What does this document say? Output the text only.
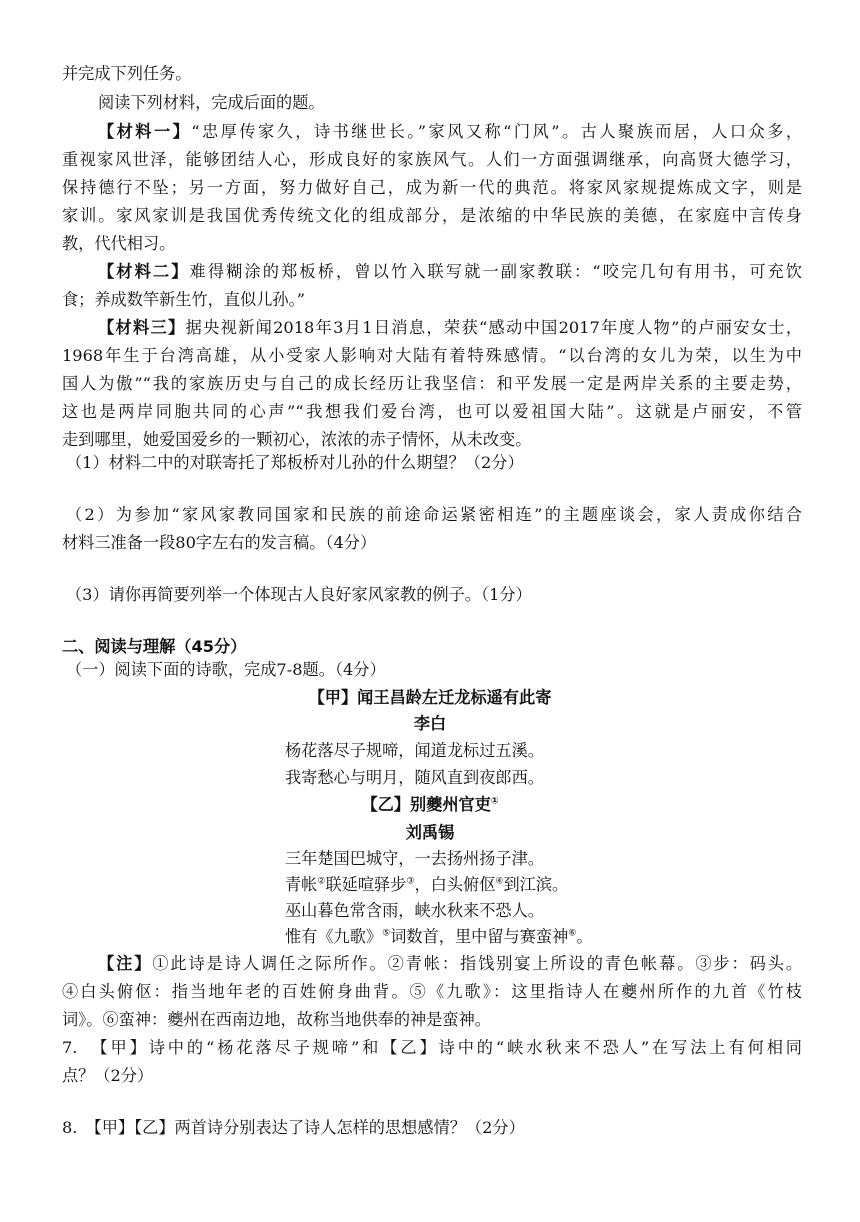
并完成下列任务。
阅读下列材料，完成后面的题。
【材料一】“忠厚传家久，诗书继世长。”家风又称“门风”。古人聚族而居，人口众多，
重视家风世泽，能够团结人心，形成良好的家族风气。人们一方面强调继承，向高贤大德学习，
保持德行不坠；另一方面，努力做好自己，成为新一代的典范。将家风家规提炼成文字，则是
家训。家风家训是我国优秀传统文化的组成部分，是浓缩的中华民族的美德，在家庭中言传身
教，代代相习。
【材料二】难得糊涂的郑板桥，曾以竹入联写就一副家教联：“咬完几句有用书，可充饮
食；养成数竿新生竹，直似儿孙。”
【材料三】据央视新闻2018年3月1日消息，荣获“感动中国2017年度人物”的卢丽安女士，
1968年生于台湾高雄，从小受家人影响对大陆有着特殊感情。“以台湾的女儿为荣，以生为中
国人为傲”“我的家族历史与自己的成长经历让我坚信：和平发展一定是两岸关系的主要走势，
这也是两岸同胞共同的心声”“我想我们爱台湾，也可以爱祖国大陆”。这就是卢丽安，不管
走到哪里，她爱国爱乡的一颗初心，浓浓的赤子情怀，从未改变。
（1）材料二中的对联寄托了郑板桥对儿孙的什么期望？（2分）
（2）为参加“家风家教同国家和民族的前途命运紧密相连”的主题座谈会，家人责成你结合
材料三准备一段80字左右的发言稿。（4分）
（3）请你再简要列举一个体现古人良好家风家教的例子。（1分）
二、阅读与理解（45分）
（一）阅读下面的诗歌，完成7-8题。（4分）
【甲】闻王昌龄左迁龙标遥有此寄
李白
杨花落尽子规啼，闻道龙标过五溪。
我寄愁心与明月，随风直到夜郎西。
【乙】别夔州官吏①
刘禹锡
三年楚国巴城守，一去扬州扬子津。
青帐②联延喧驿步③，白头俯伛④到江滨。
巫山暮色常含雨，峡水秋来不恐人。
惟有《九歌》⑤词数首，里中留与赛蛮神⑥。
【注】①此诗是诗人调任之际所作。②青帐：指饯别宴上所设的青色帐幕。③步：码头。
④白头俯伛：指当地年老的百姓俯身曲背。⑤《九歌》：这里指诗人在夔州所作的九首《竹枝
词》。⑥蛮神：夔州在西南边地，故称当地供奉的神是蛮神。
7.　【甲】诗中的“杨花落尽子规啼”和【乙】诗中的“峡水秋来不恐人”在写法上有何相同
点？（2分）
8.　【甲】【乙】两首诗分别表达了诗人怎样的思想感情？（2分）
